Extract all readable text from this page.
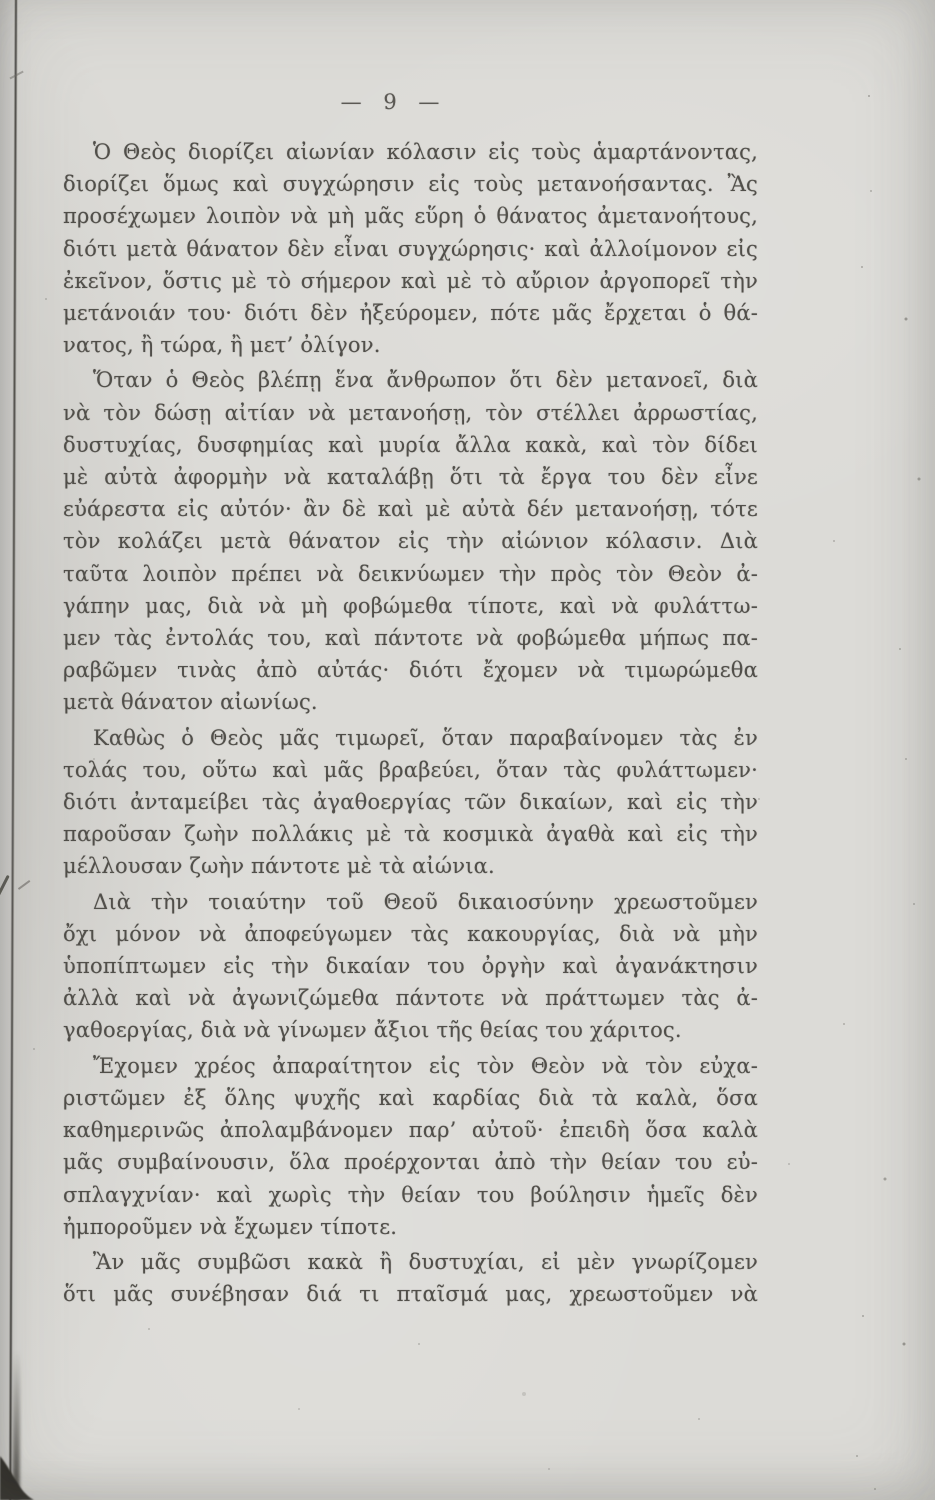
— 9 —
Ὁ Θεὸς διορίζει αἰωνίαν κόλασιν εἰς τοὺς ἁμαρτάνοντας,
διορίζει ὅμως καὶ συγχώρησιν εἰς τοὺς μετανοήσαντας. Ἂς
προσέχωμεν λοιπὸν νὰ μὴ μᾶς εὕρη ὁ θάνατος ἀμετανοήτους,
διότι μετὰ θάνατον δὲν εἶναι συγχώρησις· καὶ ἀλλοίμονον εἰς
ἐκεῖνον, ὅστις μὲ τὸ σήμερον καὶ μὲ τὸ αὔριον ἀργοπορεῖ τὴν
μετάνοιάν του· διότι δὲν ἠξεύρομεν, πότε μᾶς ἔρχεται ὁ θά-
νατος, ἢ τώρα, ἢ μετ’ ὀλίγον.
Ὅταν ὁ Θεὸς βλέπῃ ἕνα ἄνθρωπον ὅτι δὲν μετανοεῖ, διὰ
νὰ τὸν δώσῃ αἰτίαν νὰ μετανοήσῃ, τὸν στέλλει ἀρρωστίας,
δυστυχίας, δυσφημίας καὶ μυρία ἄλλα κακὰ, καὶ τὸν δίδει
μὲ αὐτὰ ἀφορμὴν νὰ καταλάβῃ ὅτι τὰ ἔργα του δὲν εἶνε
εὐάρεστα εἰς αὐτόν· ἂν δὲ καὶ μὲ αὐτὰ δέν μετανοήσῃ, τότε
τὸν κολάζει μετὰ θάνατον εἰς τὴν αἰώνιον κόλασιν. Διὰ
ταῦτα λοιπὸν πρέπει νὰ δεικνύωμεν τὴν πρὸς τὸν Θεὸν ἀ-
γάπην μας, διὰ νὰ μὴ φοβώμεθα τίποτε, καὶ νὰ φυλάττω-
μεν τὰς ἐντολάς του, καὶ πάντοτε νὰ φοβώμεθα μήπως πα-
ραβῶμεν τινὰς ἀπὸ αὐτάς· διότι ἔχομεν νὰ τιμωρώμεθα
μετὰ θάνατον αἰωνίως.
Καθὼς ὁ Θεὸς μᾶς τιμωρεῖ, ὅταν παραβαίνομεν τὰς ἐν
τολάς του, οὕτω καὶ μᾶς βραβεύει, ὅταν τὰς φυλάττωμεν·
διότι ἀνταμείβει τὰς ἀγαθοεργίας τῶν δικαίων, καὶ εἰς τὴν
παροῦσαν ζωὴν πολλάκις μὲ τὰ κοσμικὰ ἀγαθὰ καὶ εἰς τὴν
μέλλουσαν ζωὴν πάντοτε μὲ τὰ αἰώνια.
Διὰ τὴν τοιαύτην τοῦ Θεοῦ δικαιοσύνην χρεωστοῦμεν
ὄχι μόνον νὰ ἀποφεύγωμεν τὰς κακουργίας, διὰ νὰ μὴν
ὑποπίπτωμεν εἰς τὴν δικαίαν του ὀργὴν καὶ ἀγανάκτησιν
ἀλλὰ καὶ νὰ ἀγωνιζώμεθα πάντοτε νὰ πράττωμεν τὰς ἀ-
γαθοεργίας, διὰ νὰ γίνωμεν ἄξιοι τῆς θείας του χάριτος.
Ἔχομεν χρέος ἀπαραίτητον εἰς τὸν Θεὸν νὰ τὸν εὐχα-
ριστῶμεν ἐξ ὅλης ψυχῆς καὶ καρδίας διὰ τὰ καλὰ, ὅσα
καθημερινῶς ἀπολαμβάνομεν παρ’ αὐτοῦ· ἐπειδὴ ὅσα καλὰ
μᾶς συμβαίνουσιν, ὅλα προέρχονται ἀπὸ τὴν θείαν του εὐ-
σπλαγχνίαν· καὶ χωρὶς τὴν θείαν του βούλησιν ἡμεῖς δὲν
ἠμποροῦμεν νὰ ἔχωμεν τίποτε.
Ἂν μᾶς συμβῶσι κακὰ ἢ δυστυχίαι, εἰ μὲν γνωρίζομεν
ὅτι μᾶς συνέβησαν διά τι πταῖσμά μας, χρεωστοῦμεν νὰ
